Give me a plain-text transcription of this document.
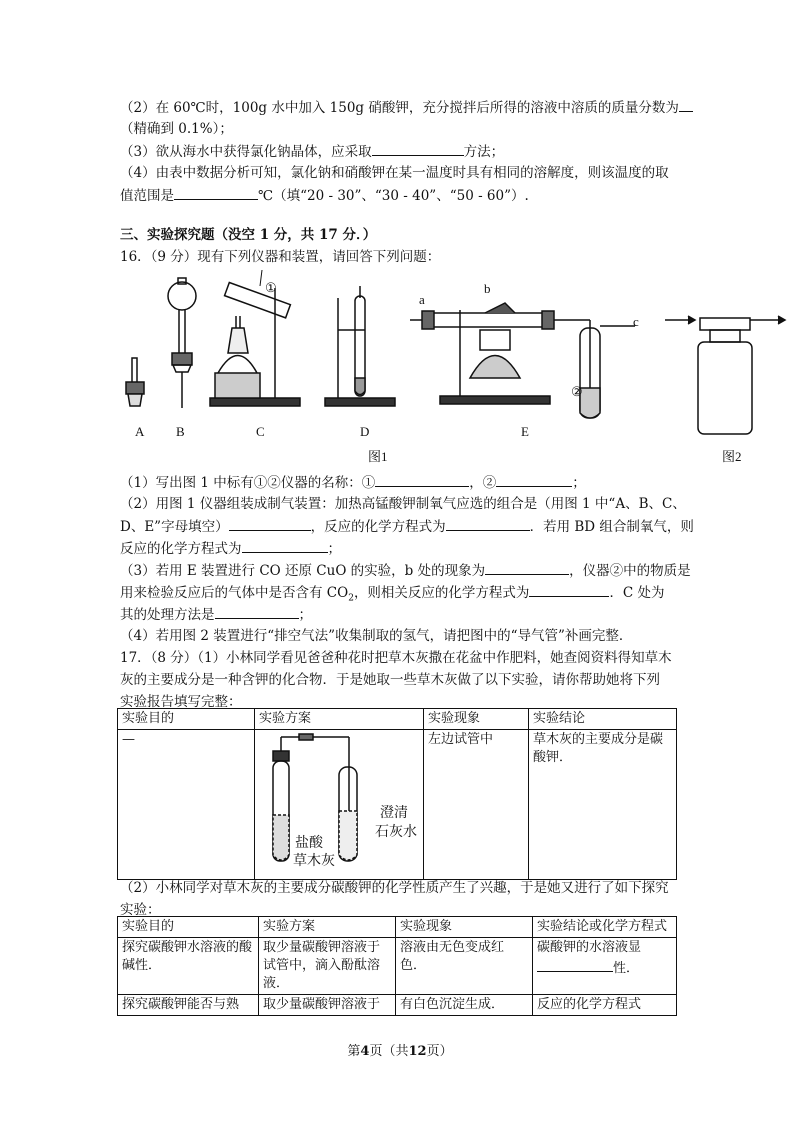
（2）在 60℃时，100g 水中加入 150g 硝酸钾，充分搅拌后所得的溶液中溶质的质量分数为
（精确到 0.1%）；
（3）欲从海水中获得氯化钠晶体，应采取	方法；
（4）由表中数据分析可知，氯化钠和硝酸钾在某一温度时具有相同的溶解度，则该温度的取
值范围是	℃（填“20 - 30”、“30 - 40”、“50 - 60”）.
三、实验探究题（没空 1 分，共 17 分．）
16．（9 分）现有下列仪器和装置，请回答下列问题：
a
b
c
①
②
A B	C	D	E
图1	图2
（1）写出图 1 中标有①②仪器的名称：①	，②	；
（2）用图 1 仪器组装成制气装置：加热高锰酸钾制氧气应选的组合是（用图 1 中“A、B、C、
D、E”字母填空）	，反应的化学方程式为	．若用 BD 组合制氧气，则
反应的化学方程式为	；
（3）若用 E 装置进行 CO 还原 CuO 的实验，b 处的现象为	，仪器②中的物质是
用来检验反应后的气体中是否含有 $CO_2$，则相关反应的化学方程式为	．C 处为
其的处理方法是	；
（4）若用图 2 装置进行“排空气法”收集制取的氢气，请把图中的“导气管”补画完整．
17．（8 分）（1）小林同学看见爸爸种花时把草木灰撒在花盆中作肥料，她查阅资料得知草木
灰的主要成分是一种含钾的化合物．于是她取一些草木灰做了以下实验，请你帮助她将下列
实验报告填写完整：
实验目的	实验方案	实验现象	实验结论
—	盐酸
草木灰
澄清
石灰水	左边试管中	草木灰的主要成分是碳酸钾．
（2）小林同学对草木灰的主要成分碳酸钾的化学性质产生了兴趣，于是她又进行了如下探究
实验：
实验目的	实验方案	实验现象	实验结论或化学方程式
探究碳酸钾水溶液的酸碱性．	取少量碳酸钾溶液于试管中，滴入酚酞溶液．	溶液由无色变成红色．	碳酸钾的水溶液显
性．
探究碳酸钾能否与熟	取少量碳酸钾溶液于	有白色沉淀生成．	反应的化学方程式
第4页（共12页）
